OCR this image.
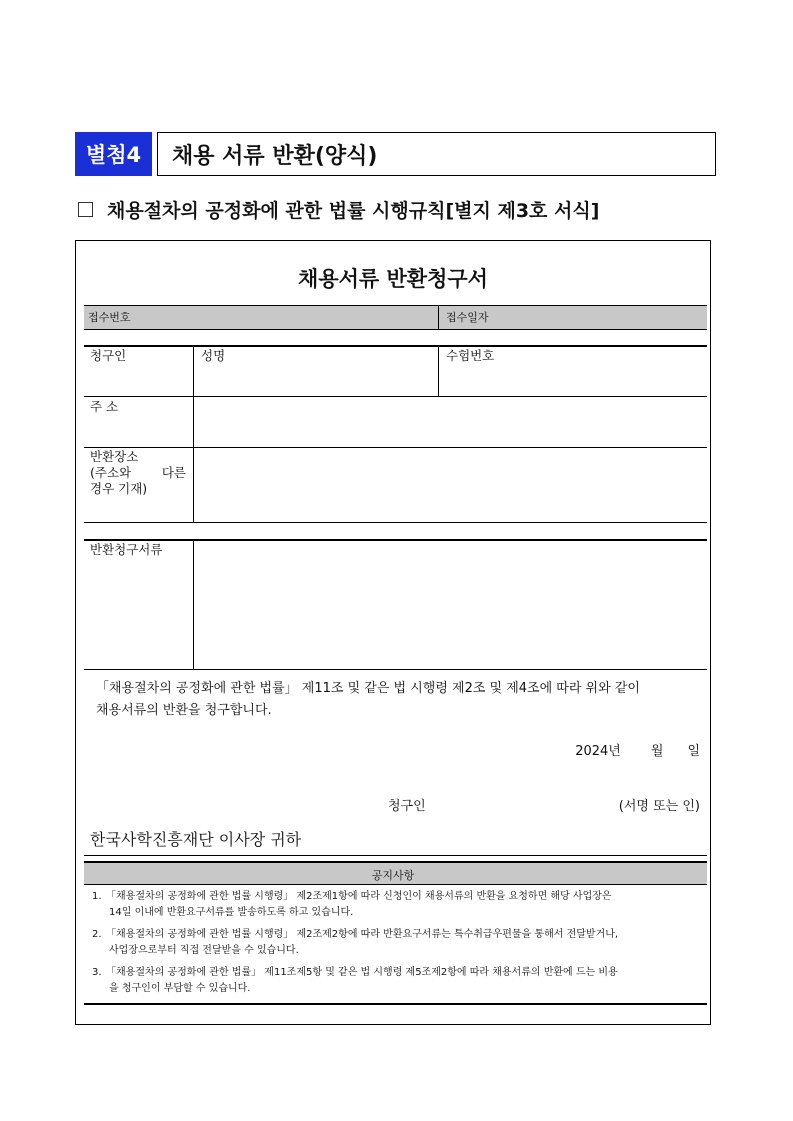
별첨4	채용 서류 반환(양식)
채용절차의 공정화에 관한 법률 시행규칙[별지 제3호 서식]
채용서류 반환청구서
접수번호	접수일자
청구인	성명	수험번호
주 소
반환장소
(주소와 다른
경우 기재)
반환청구서류
「채용절차의 공정화에 관한 법률」 제11조 및 같은 법 시행령 제2조 및 제4조에 따라 위와 같이
채용서류의 반환을 청구합니다.
2024년 월 일
청구인	(서명 또는 인)
한국사학진흥재단 이사장 귀하
공지사항
1. 「채용절차의 공정화에 관한 법률 시행령」 제2조제1항에 따라 신청인이 채용서류의 반환을 요청하면 해당 사업장은
14일 이내에 반환요구서류를 발송하도록 하고 있습니다.
2. 「채용절차의 공정화에 관한 법률 시행령」 제2조제2항에 따라 반환요구서류는 특수취급우편물을 통해서 전달받거나,
사업장으로부터 직접 전달받을 수 있습니다.
3. 「채용절차의 공정화에 관한 법률」 제11조제5항 및 같은 법 시행령 제5조제2항에 따라 채용서류의 반환에 드는 비용
을 청구인이 부담할 수 있습니다.
